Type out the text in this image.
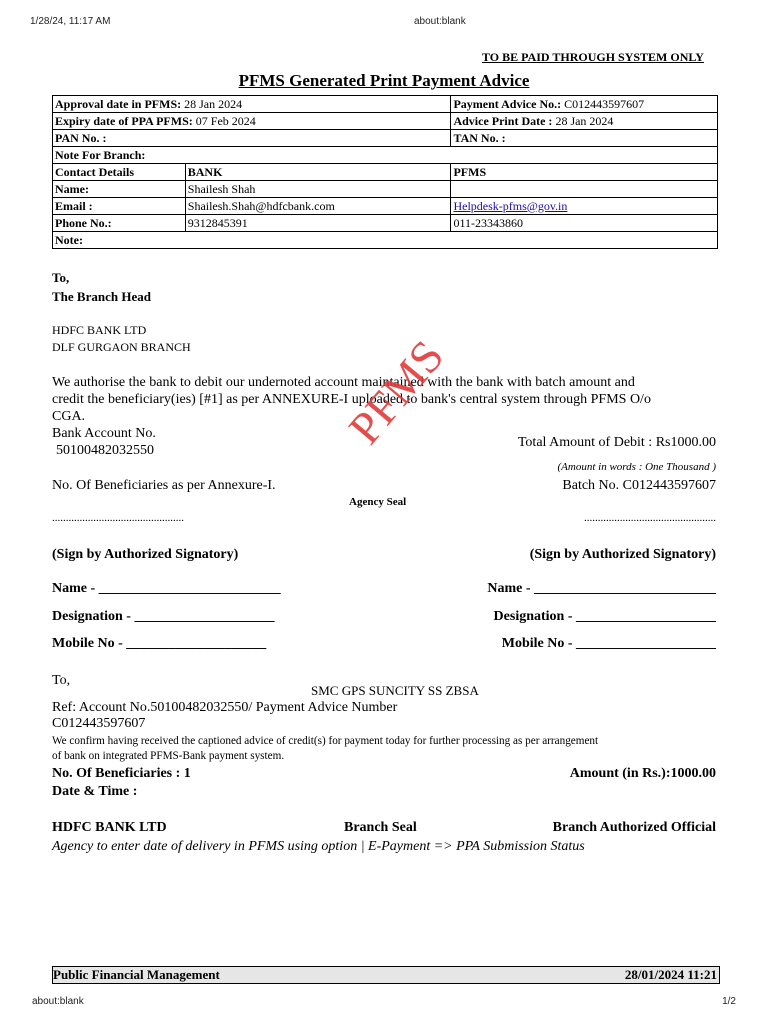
1/28/24, 11:17 AM	about:blank
TO BE PAID THROUGH SYSTEM ONLY
PFMS Generated Print Payment Advice
Approval date in PFMS: 28 Jan 2024		Payment Advice No.: C012443597607
Expiry date of PPA PFMS: 07 Feb 2024		Advice Print Date : 28 Jan 2024
PAN No. :		TAN No. :
Note For Branch:		
Contact Details	BANK	PFMS
Name:	Shailesh Shah	
Email :	Shailesh.Shah@hdfcbank.com	Helpdesk-pfms@gov.in
Phone No.:	9312845391	011-23343860
Note:		
To,
The Branch Head
HDFC BANK LTD
DLF GURGAON BRANCH
We authorise the bank to debit our undernoted account maintained with the bank with batch amount and
credit the beneficiary(ies) [#1] as per ANNEXURE-I uploaded to bank's central system through PFMS O/o
CGA.
Bank Account No.
50100482032550
Total Amount of Debit : Rs1000.00
(Amount in words : One Thousand )
No. Of Beneficiaries as per Annexure-I.	Batch No. C012443597607
Agency Seal
................................................	................................................
PFMS
(Sign by Authorized Signatory)	(Sign by Authorized Signatory)
Name - __________________________	Name - __________________________
Designation - ____________________	Designation - ____________________
Mobile No - ____________________	Mobile No - ____________________
To,
SMC GPS SUNCITY SS ZBSA
Ref: Account No.50100482032550/ Payment Advice Number
C012443597607
We confirm having received the captioned advice of credit(s) for payment today for further processing as per arrangement
of bank on integrated PFMS-Bank payment system.
No. Of Beneficiaries : 1	Amount (in Rs.):1000.00
Date & Time :
HDFC BANK LTD	Branch Seal	Branch Authorized Official
Agency to enter date of delivery in PFMS using option | E-Payment => PPA Submission Status
Public Financial Management	28/01/2024 11:21
about:blank	1/2
